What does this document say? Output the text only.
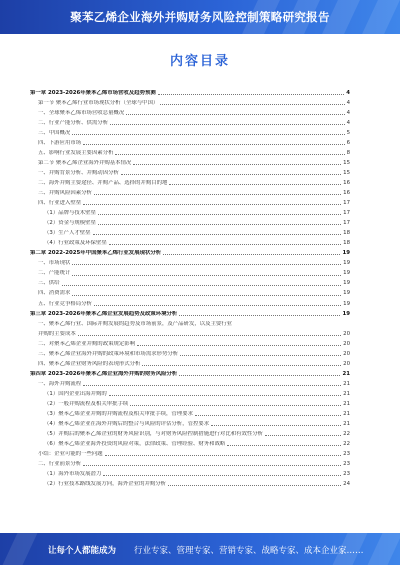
聚苯乙烯企业海外并购财务风险控制策略研究报告
内容目录
第一章 2023-2026年聚苯乙烯市场营收及趋势预测	4
第一节 聚苯乙烯行业市场现状分析（全球与中国）	4
一、全球聚苯乙烯市场营收总量概况	4
二、行业产能分析、供需分析	4
三、中国概况	5
四、下游应用市场	6
五、影响行业发展主要因素分析	8
第二节 聚苯乙烯企业海外并购基本情况	15
一、并购背景分析、并购动因分析	15
二、海外并购主要途径、并购产品、选择的并购目的地	16
三、并购风险因素分析	16
四、行业进入壁垒	17
（1）品牌与技术壁垒	17
（2）资金与规模壁垒	17
（3）生产人才壁垒	18
（4）行业政策及环保壁垒	18
第二章 2022-2025年中国聚苯乙烯行业发展现状分析	19
一、市场现状	19
二、产能统计	19
三、供给	19
四、消费需求	19
五、行业竞争格局分析	19
第三章 2023-2026年聚苯乙烯企业发展趋势及政策环境分析	19
一、聚苯乙烯行业、国际并购发展的趋势及市场前景，及产品研发，以及主要行业
并购的主要成本	20
二、对聚苯乙烯企业并购的政策规定影响	20
三、聚苯乙烯企业海外并购的政策环境和市场需求形势分析	20
四、聚苯乙烯企业财务风险的表现形式分析	20
第四章 2023-2026年聚苯乙烯企业海外并购的财务风险分析	21
一、海外并购流程	21
（1）国内企业出海并购的	21
（2）一般并购流程及相关审批手续	21
（3）聚苯乙烯企业并购的并购流程及相关审批手续，管理要求	21
（4）聚苯乙烯企业在海外并购后的整合与风险的评估分析，管控要求	21
（5）并购后的聚苯乙烯企业的财务风险识别，与对财务风险控制措施进行对比和有效性分析	22
（6）聚苯乙烯企业海外投资的风险对策，法律政策、管理经验、财务和战略	22
小结：企业可能的一些问题	23
二、行业前景分析	23
（1）海外市场发展潜力	23
（2）行业技术路线发展方向，海外企业的并购分析	24
让每个人都能成为 行业专家、管理专家、营销专家、战略专家、成本企业家……
